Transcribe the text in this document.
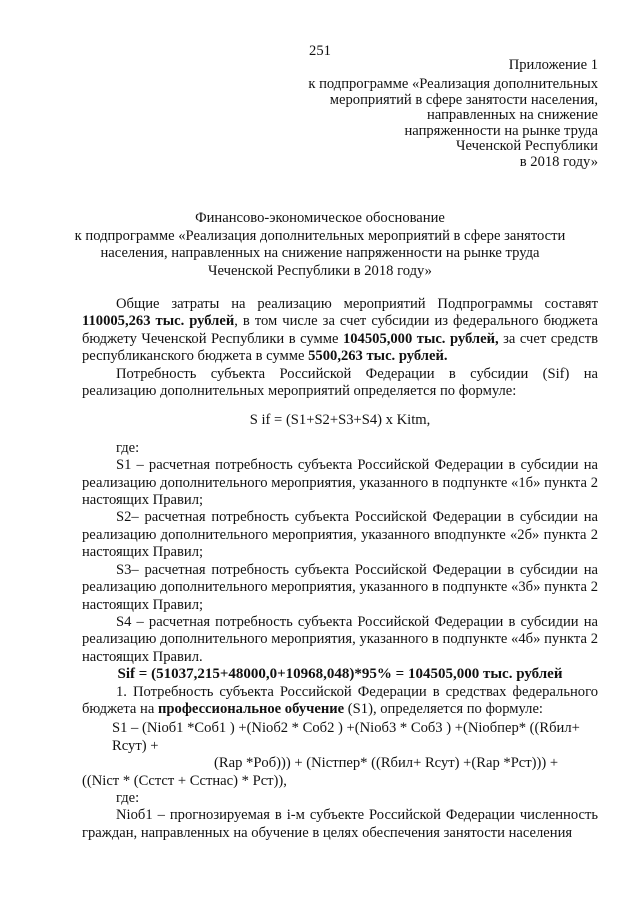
251
Приложение 1
к подпрограмме «Реализация дополнительных
мероприятий в сфере занятости населения,
направленных на снижение
напряженности на рынке труда
Чеченской Республики
в 2018 году»
Финансово-экономическое обоснование
к подпрограмме «Реализация дополнительных мероприятий в сфере занятости
населения, направленных на снижение напряженности на рынке труда
Чеченской Республики в 2018 году»

Общие затраты на реализацию мероприятий Подпрограммы составят 110005,263 тыс. рублей, в том числе за счет субсидии из федерального бюджета бюджету Чеченской Республики в сумме 104505,000 тыс. рублей, за счет средств республиканского бюджета в сумме 5500,263 тыс. рублей.

Потребность субъекта Российской Федерации в субсидии (Sif) на реализацию дополнительных мероприятий определяется по формуле:

S if = (S1+S2+S3+S4) x Kitm,

где:

S1 – расчетная потребность субъекта Российской Федерации в субсидии на реализацию дополнительного мероприятия, указанного в подпункте «1б» пункта 2 настоящих Правил;

S2– расчетная потребность субъекта Российской Федерации в субсидии на реализацию дополнительного мероприятия, указанного вподпункте «2б» пункта 2 настоящих Правил;

S3– расчетная потребность субъекта Российской Федерации в субсидии на реализацию дополнительного мероприятия, указанного в подпункте «3б» пункта 2 настоящих Правил;

S4 – расчетная потребность субъекта Российской Федерации в субсидии на реализацию дополнительного мероприятия, указанного в подпункте «4б» пункта 2 настоящих Правил.

Sif = (51037,215+48000,0+10968,048)*95% = 104505,000 тыс. рублей

1. Потребность субъекта Российской Федерации в средствах федерального бюджета на профессиональное обучение (S1), определяется по формуле:

S1 – (Niоб1 *Cоб1 ) +(Niоб2 * Cоб2 ) +(Niоб3 * Cоб3 ) +(Niобпер* ((Rбил+ Rсут) +
(Rар *Pоб))) + (Niстпер* ((Rбил+ Rсут) +(Rар *Pст))) +
((Niст * (Cстст + Cстнас) * Pст)),

где:

Niоб1 – прогнозируемая в i-м субъекте Российской Федерации численность граждан, направленных на обучение в целях обеспечения занятости населения
